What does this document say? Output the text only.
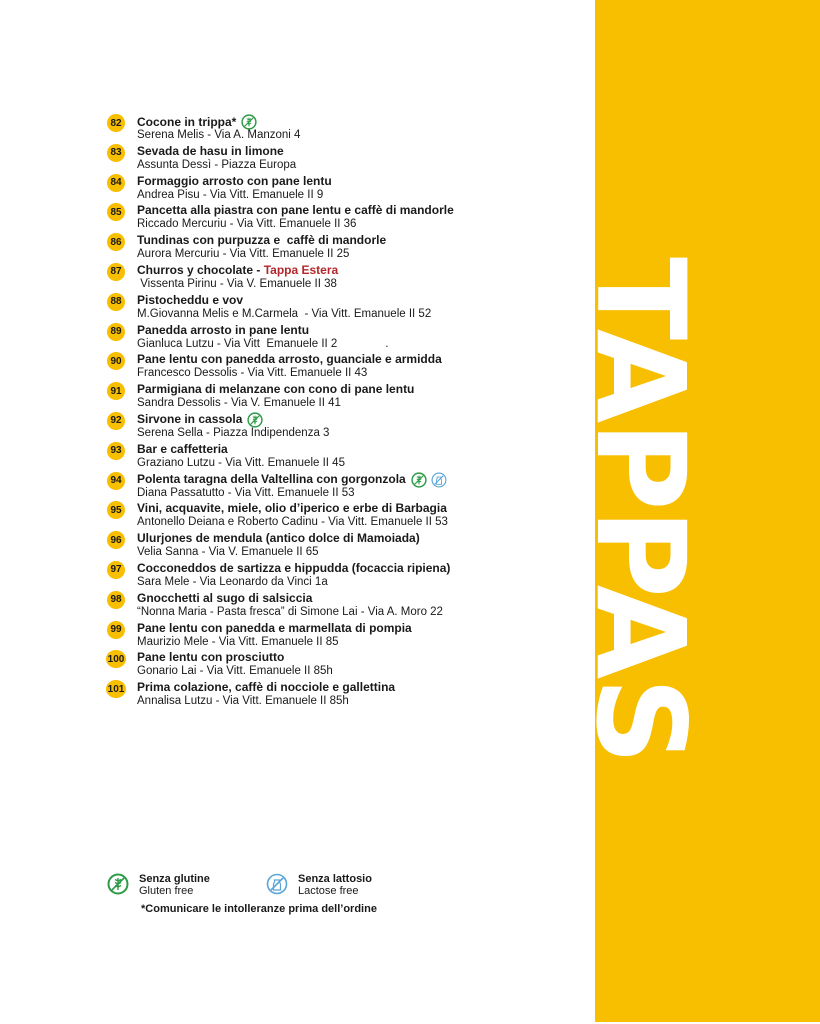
82 Cocone in trippa*
Serena Melis - Via A. Manzoni 4
83 Sevada de hasu in limone
Assunta Dessì - Piazza Europa
84 Formaggio arrosto con pane lentu
Andrea Pisu - Via Vitt. Emanuele II 9
85 Pancetta alla piastra con pane lentu e caffè di mandorle
Riccado Mercuriu - Via Vitt. Emanuele II 36
86 Tundinas con purpuzza e  caffè di mandorle
Aurora Mercuriu - Via Vitt. Emanuele II 25
87 Churros y chocolate - Tappa Estera
Vissenta Pirinu - Via V. Emanuele II 38
88 Pistocheddu e vov
M.Giovanna Melis e M.Carmela  - Via Vitt. Emanuele II 52
89 Panedda arrosto in pane lentu
Gianluca Lutzu - Via Vitt  Emanuele II 2               .
90 Pane lentu con panedda arrosto, guanciale e armidda
Francesco Dessolis - Via Vitt. Emanuele II 43
91 Parmigiana di melanzane con cono di pane lentu
Sandra Dessolis - Via V. Emanuele II 41
92 Sirvone in cassola
Serena Sella - Piazza Indipendenza 3
93 Bar e caffetteria
Graziano Lutzu - Via Vitt. Emanuele II 45
94 Polenta taragna della Valtellina con gorgonzola
Diana Passatutto - Via Vitt. Emanuele II 53
95 Vini, acquavite, miele, olio d’iperico e erbe di Barbagia
Antonello Deiana e Roberto Cadinu - Via Vitt. Emanuele II 53
96 Ulurjones de mendula (antico dolce di Mamoiada)
Velia Sanna - Via V. Emanuele II 65
97 Cocconeddos de sartizza e hippudda (focaccia ripiena)
Sara Mele - Via Leonardo da Vinci 1a
98 Gnocchetti al sugo di salsiccia
“Nonna Maria - Pasta fresca” di Simone Lai - Via A. Moro 22
99 Pane lentu con panedda e marmellata di pompia
Maurizio Mele - Via Vitt. Emanuele II 85
100 Pane lentu con prosciutto
Gonario Lai - Via Vitt. Emanuele II 85h
101 Prima colazione, caffè di nocciole e gallettina
Annalisa Lutzu - Via Vitt. Emanuele II 85h TAPPAS
Senza glutine
Gluten free
Senza lattosio
Lactose free
*Comunicare le intolleranze prima dell’ordine
